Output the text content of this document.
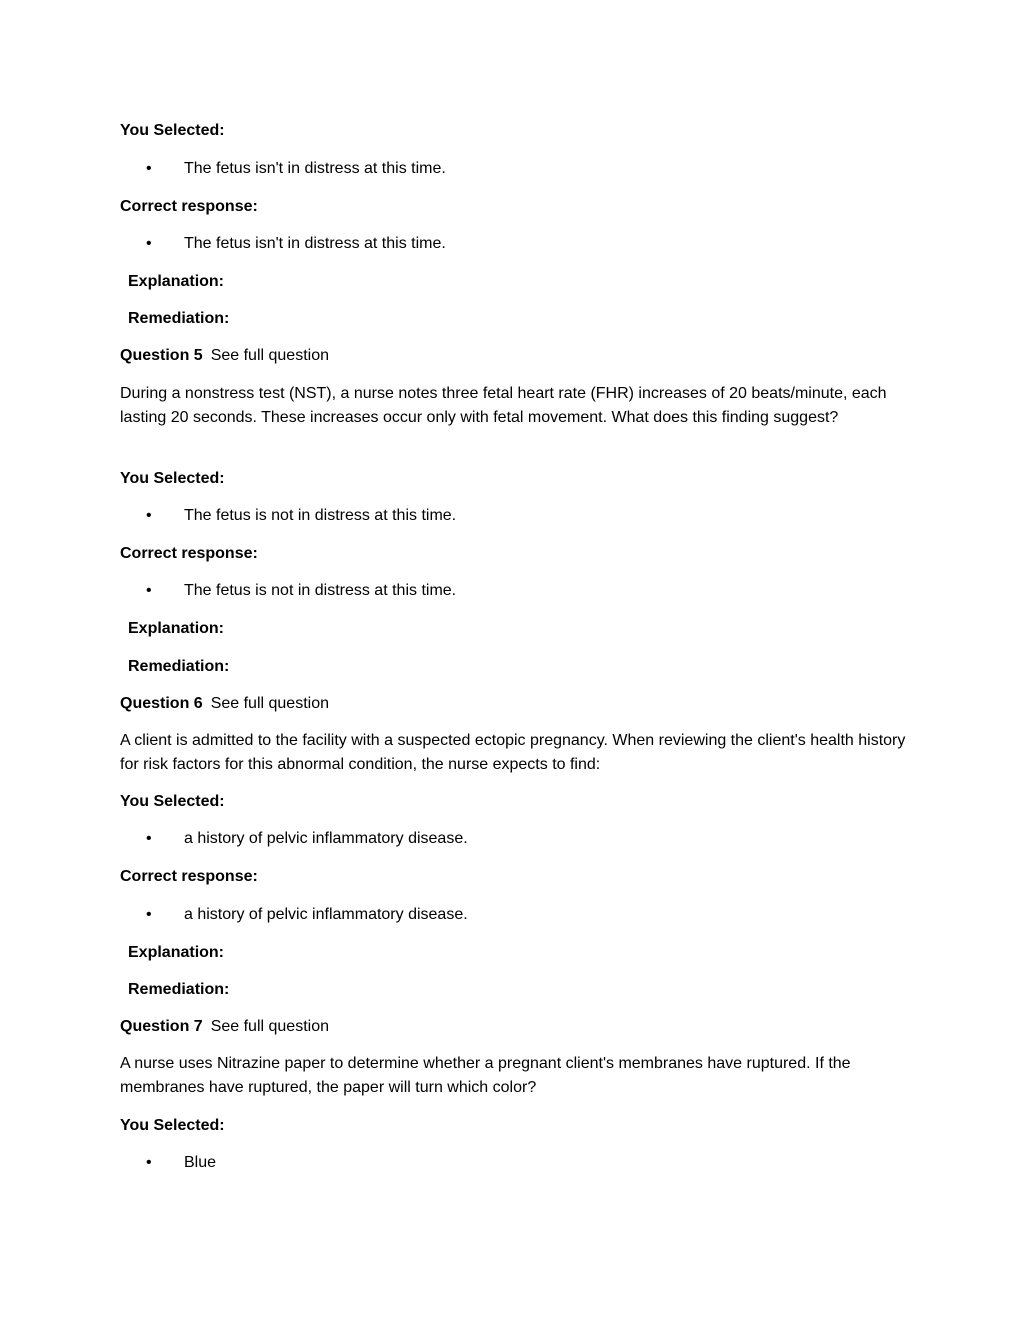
You Selected:
• The fetus isn't in distress at this time.
Correct response:
• The fetus isn't in distress at this time.
Explanation:
Remediation:
Question 5 See full question
During a nonstress test (NST), a nurse notes three fetal heart rate (FHR) increases of 20 beats/minute, each lasting 20 seconds. These increases occur only with fetal movement. What does this finding suggest?
You Selected:
• The fetus is not in distress at this time.
Correct response:
• The fetus is not in distress at this time.
Explanation:
Remediation:
Question 6 See full question
A client is admitted to the facility with a suspected ectopic pregnancy. When reviewing the client's health history for risk factors for this abnormal condition, the nurse expects to find:
You Selected:
• a history of pelvic inflammatory disease.
Correct response:
• a history of pelvic inflammatory disease.
Explanation:
Remediation:
Question 7 See full question
A nurse uses Nitrazine paper to determine whether a pregnant client's membranes have ruptured. If the membranes have ruptured, the paper will turn which color?
You Selected:
• Blue
